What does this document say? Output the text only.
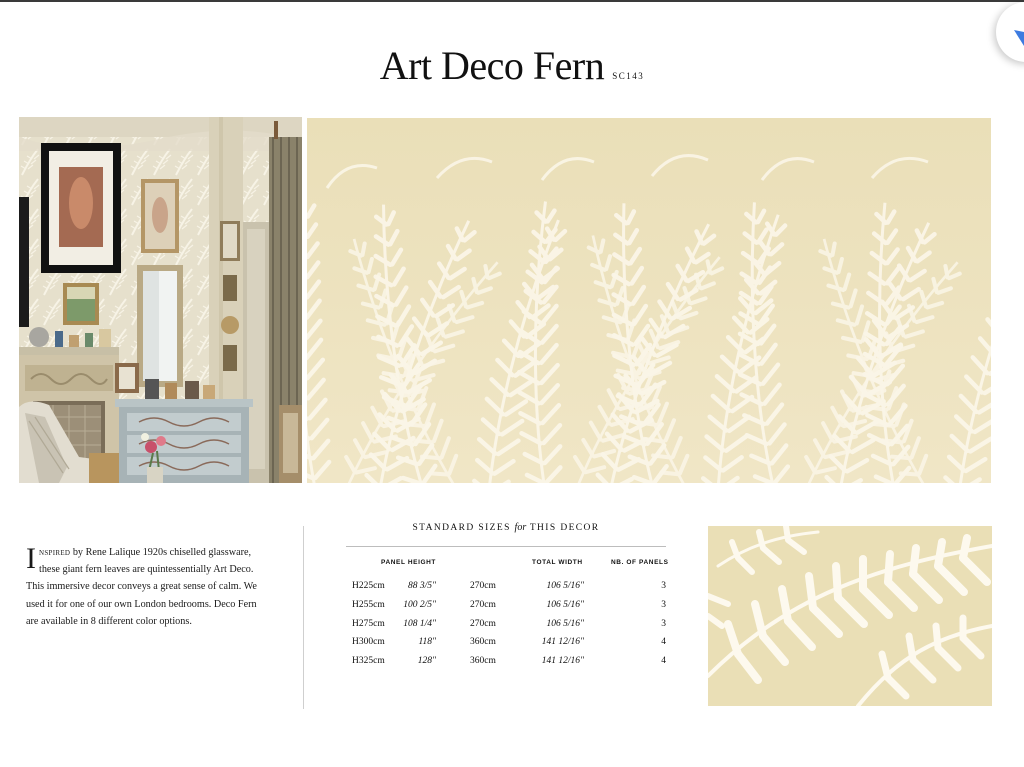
Art Deco Fern SC143
Inspired by Rene Lalique 1920s chiselled glassware, these giant fern leaves are quintessentially Art Deco. This immersive decor conveys a great sense of calm. We used it for one of our own London bedrooms. Deco Fern are available in 8 different color options.
STANDARD SIZES for THIS DECOR
PANEL HEIGHT	TOTAL WIDTH	NB. OF PANELS
H225cm	88 3/5"	270cm	106 5/16"	3
H255cm	100 2/5"	270cm	106 5/16"	3
H275cm	108 1/4"	270cm	106 5/16"	3
H300cm	118"	360cm	141 12/16"	4
H325cm	128"	360cm	141 12/16"	4
